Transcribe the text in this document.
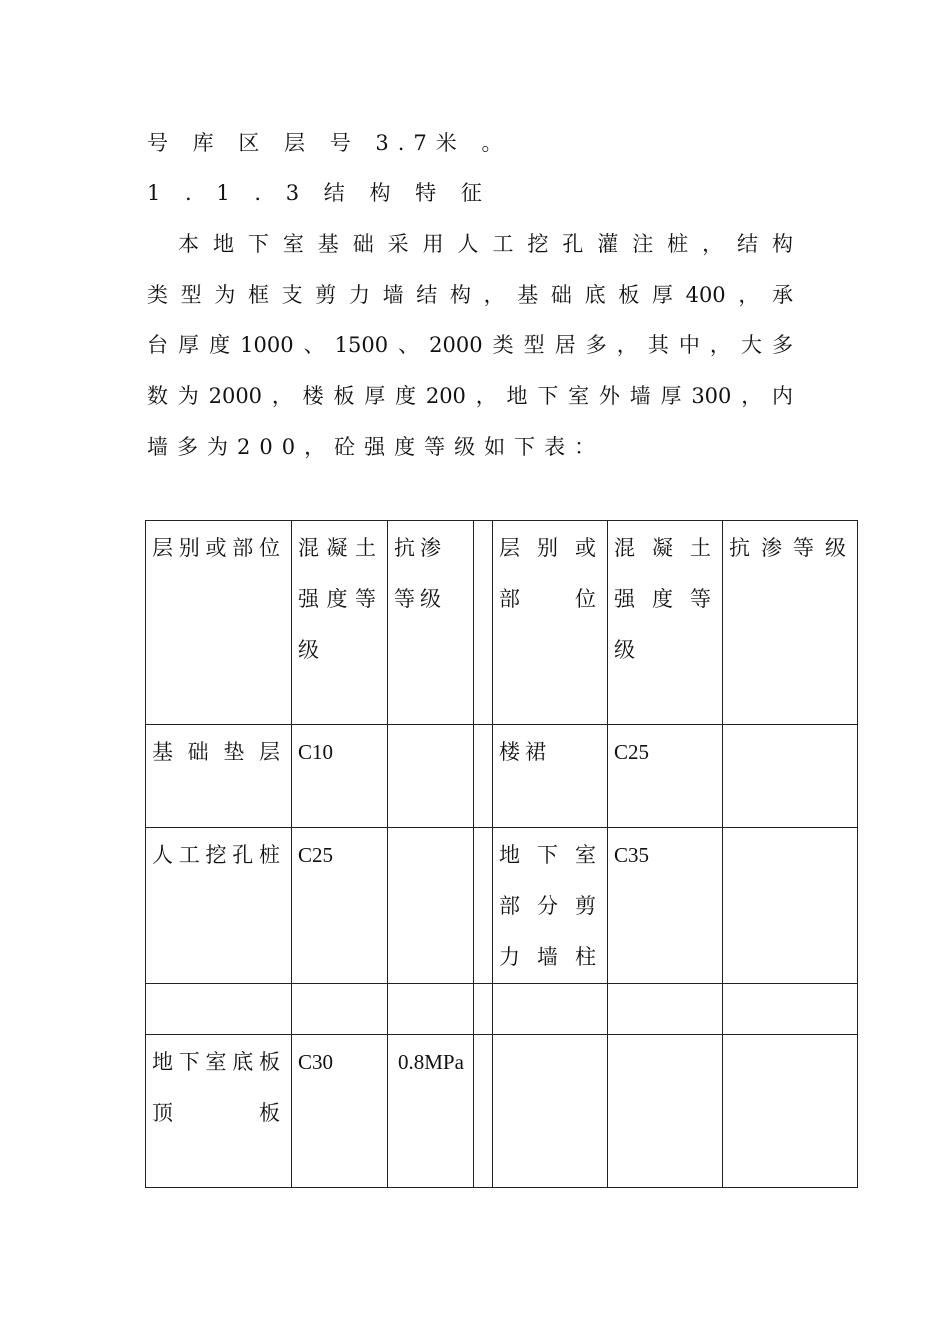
号 库 区 层 号 3.7米 。
1 . 1 . 3 结 构 特 征
本地下室基础采用人工挖孔灌注桩，结构
类型为框支剪力墙结构，基础底板厚400，承
台厚度1000、1500、2000类型居多，其中，大多
数为2000，楼板厚度200，地下室外墙厚300，内
墙多为200，砼强度等级如下表：
层别或部位	混凝土强度等级	抗渗等级		层别或部位	混凝土强度等级	抗渗等级
基础垫层	C10			楼裙	C25	
人工挖孔桩	C25			地下室部分剪力墙柱	C35	

地下室底板顶板	C30	0.8MPa				
